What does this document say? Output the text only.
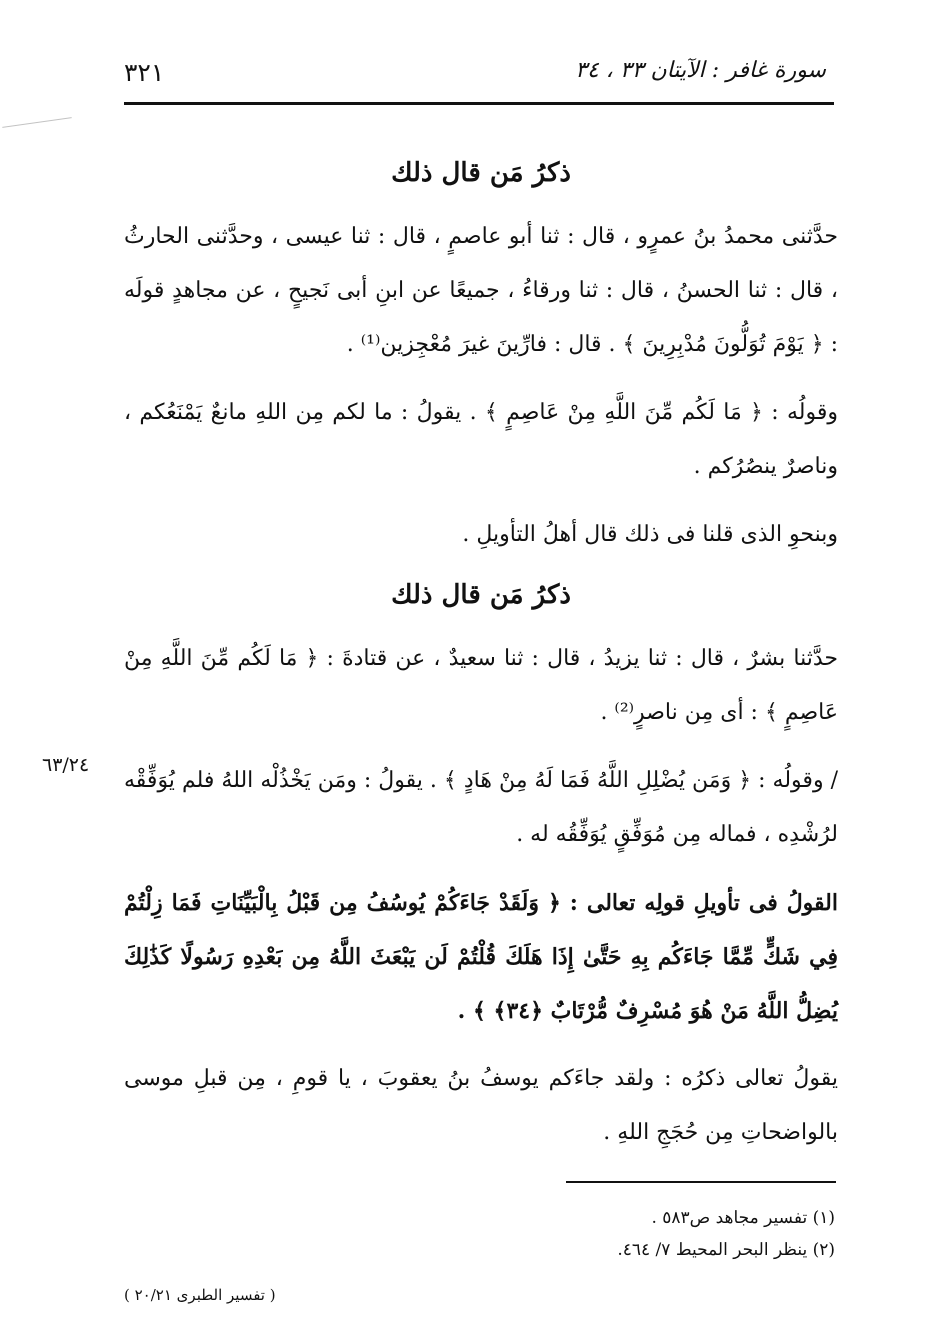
٣٢١	سورة غافر : الآيتان ٣٣ ، ٣٤
ذكرُ مَن قال ذلك

حدَّثنى محمدُ بنُ عمرٍو ، قال : ثنا أبو عاصمٍ ، قال : ثنا عيسى ، وحدَّثنى الحارثُ ، قال : ثنا الحسنُ ، قال : ثنا ورقاءُ ، جميعًا عن ابنِ أبى نَجيحٍ ، عن مجاهدٍ قولَه : ﴿ يَوْمَ تُوَلُّونَ مُدْبِرِينَ ﴾ . قال : فارِّينَ غيرَ مُعْجِزين⁽¹⁾ .

وقولُه : ﴿ مَا لَكُم مِّنَ اللَّهِ مِنْ عَاصِمٍ ﴾ . يقولُ : ما لكم مِن اللهِ مانعٌ يَمْنَعُكم ، وناصرٌ ينصُرُكم .

وبنحوِ الذى قلنا فى ذلك قال أهلُ التأويلِ .

ذكرُ مَن قال ذلك

حدَّثنا بشرٌ ، قال : ثنا يزيدُ ، قال : ثنا سعيدٌ ، عن قتادةَ : ﴿ مَا لَكُم مِّنَ اللَّهِ مِنْ عَاصِمٍ ﴾ : أى مِن ناصرٍ⁽²⁾ .

٦٣/٢٤

/ وقولُه : ﴿ وَمَن يُضْلِلِ اللَّهُ فَمَا لَهُ مِنْ هَادٍ ﴾ . يقولُ : ومَن يَخْذُلْه اللهُ فلم يُوَفِّقْه لرُشْدِه ، فماله مِن مُوَفِّقٍ يُوَفِّقُه له .

القولُ فى تأويلِ قولِه تعالى : ﴿ وَلَقَدْ جَاءَكُمْ يُوسُفُ مِن قَبْلُ بِالْبَيِّنَاتِ فَمَا زِلْتُمْ فِي شَكٍّ مِّمَّا جَاءَكُم بِهِ حَتَّىٰ إِذَا هَلَكَ قُلْتُمْ لَن يَبْعَثَ اللَّهُ مِن بَعْدِهِ رَسُولًا كَذَٰلِكَ يُضِلُّ اللَّهُ مَنْ هُوَ مُسْرِفٌ مُّرْتَابٌ ﴿٣٤﴾ ﴾ .

يقولُ تعالى ذكرُه : ولقد جاءَكم يوسفُ بنُ يعقوبَ ، يا قومِ ، مِن قبلِ موسى بالواضحاتِ مِن حُجَجِ اللهِ .

(١) تفسير مجاهد ص٥٨٣ .
(٢) ينظر البحر المحيط ٧/ ٤٦٤.
( تفسير الطبرى ٢٠/٢١ )
